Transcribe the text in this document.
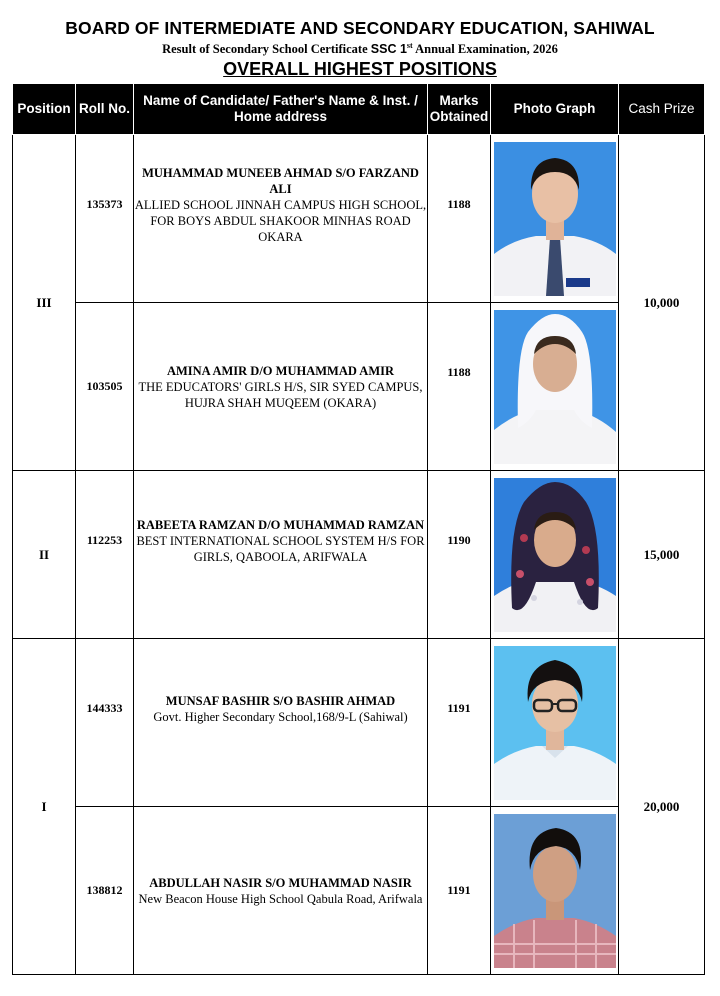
BOARD OF INTERMEDIATE AND SECONDARY EDUCATION, SAHIWAL
Result of Secondary School Certificate SSC 1st Annual Examination, 2026
OVERALL HIGHEST POSITIONS
Position	Roll No.	Name of Candidate/ Father's Name & Inst. / Home address	Marks Obtained	Photo Graph	Cash Prize
III	135373	MUHAMMAD MUNEEB AHMAD S/O FARZAND ALI
ALLIED SCHOOL JINNAH CAMPUS HIGH SCHOOL, FOR BOYS ABDUL SHAKOOR MINHAS ROAD OKARA	1188		10,000

	103505	AMINA AMIR D/O MUHAMMAD AMIR
THE EDUCATORS' GIRLS H/S, SIR SYED CAMPUS, HUJRA SHAH MUQEEM (OKARA)	1188

II	112253	RABEETA RAMZAN D/O MUHAMMAD RAMZAN
BEST INTERNATIONAL SCHOOL SYSTEM H/S FOR GIRLS, QABOOLA, ARIFWALA	1190		15,000
I	144333	MUNSAF BASHIR S/O BASHIR AHMAD
Govt. Higher Secondary School,168/9-L (Sahiwal)	1191		20,000

	138812	ABDULLAH NASIR S/O MUHAMMAD NASIR
New Beacon House High School Qabula Road, Arifwala	1191
